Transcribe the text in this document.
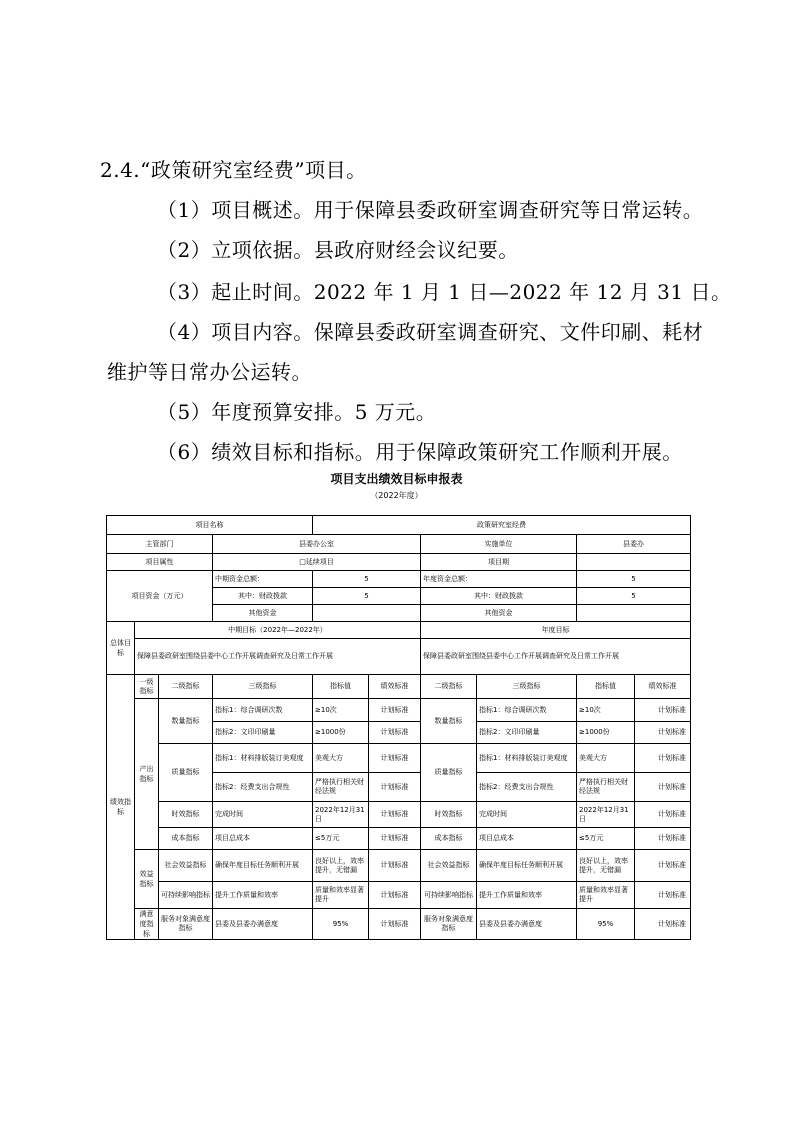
2.4.“政策研究室经费”项目。
（1）项目概述。用于保障县委政研室调查研究等日常运转。
（2）立项依据。县政府财经会议纪要。
（3）起止时间。2022 年 1 月 1 日—2022 年 12 月 31 日。
（4）项目内容。保障县委政研室调查研究、文件印刷、耗材
维护等日常办公运转。
（5）年度预算安排。5 万元。
（6）绩效目标和指标。用于保障政策研究工作顺利开展。
项目支出绩效目标申报表
（2022年度）
项目名称				政策研究室经费					
主管部门			县委办公室			实施单位		县委办	
项目属性			□延续项目			项目期			
项目资金（万元）			中期资金总额：	5		年度资金总额：		5	
			其中：财政拨款	5		其中：财政拨款		5	
			其他资金			其他资金			
总体目标	中期目标（2022年—2022年）					年度目标			
	保障县委政研室围绕县委中心工作开展调查研究及日常工作开展					保障县委政研室围绕县委中心工作开展调查研究及日常工作开展			
绩效指标	一级指标	二级指标	三级指标	指标值	绩效标准	二级指标	三级指标	指标值	绩效标准
	产出指标	数量指标	指标1：综合调研次数	≥10次	计划标准	数量指标	指标1：综合调研次数	≥10次	计划标准
			指标2：文印印刷量	≥1000份	计划标准		指标2：文印印刷量	≥1000份	计划标准
		质量指标	指标1：材料排版装订美观度	美观大方	计划标准	质量指标	指标1：材料排版装订美观度	美观大方	计划标准
			指标2：经费支出合规性	严格执行相关财经法规	计划标准		指标2：经费支出合规性	严格执行相关财经法规	计划标准
		时效指标	完成时间	2022年12月31日	计划标准	时效指标	完成时间	2022年12月31日	计划标准
		成本指标	项目总成本	≤5万元	计划标准	成本指标	项目总成本	≤5万元	计划标准
	效益指标	社会效益指标	确保年度目标任务顺利开展	良好以上，效率提升，无错漏	计划标准	社会效益指标	确保年度目标任务顺利开展	良好以上，效率提升，无错漏	计划标准
		可持续影响指标	提升工作质量和效率	质量和效率显著提升	计划标准	可持续影响指标	提升工作质量和效率	质量和效率显著提升	计划标准
	满意度指标	服务对象满意度指标	县委及县委办满意度	95%	计划标准	服务对象满意度指标	县委及县委办满意度	95%	计划标准
